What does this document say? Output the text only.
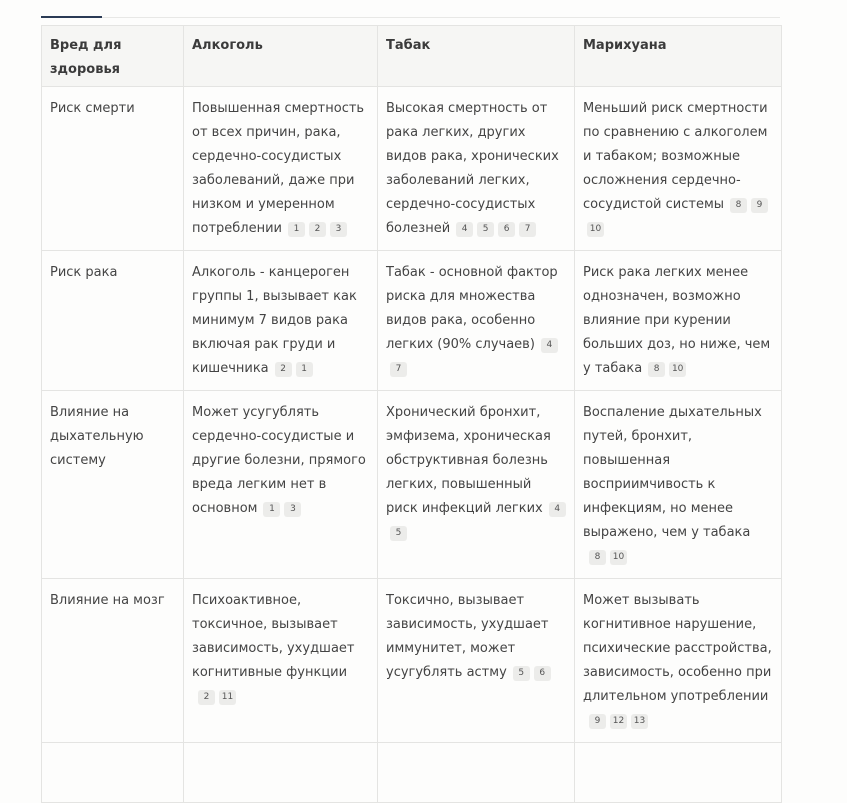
Вред для здоровья	Алкоголь	Табак	Марихуана
Риск смерти	Повышенная смертность от всех причин, рака, сердечно-сосудистых заболеваний, даже при низком и умеренном потреблении 1 2 3	Высокая смертность от рака легких, других видов рака, хронических заболеваний легких, сердечно-сосудистых болезней 4 5 6 7	Меньший риск смертности по сравнению с алкоголем и табаком; возможные осложнения сердечно-сосудистой системы 8 910
Риск рака	Алкоголь - канцероген группы 1, вызывает как минимум 7 видов рака включая рак груди и кишечника 2 1	Табак - основной фактор риска для множества видов рака, особенно легких (90% случаев) 47	Риск рака легких менее однозначен, возможно влияние при курении больших доз, но ниже, чем у табака 8 10
Влияние на дыхательную систему	Может усугублять сердечно-сосудистые и другие болезни, прямого вреда легким нет в основном 1 3	Хронический бронхит, эмфизема, хроническая обструктивная болезнь легких, повышенный риск инфекций легких 45	Воспаление дыхательных путей, бронхит, повышенная восприимчивость к инфекциям, но менее выражено, чем у табака8 10
Влияние на мозг	Психоактивное, токсичное, вызывает зависимость, ухудшает когнитивные функции2 11	Токсично, вызывает зависимость, ухудшает иммунитет, может усугублять астму 5 6	Может вызывать когнитивное нарушение, психические расстройства, зависимость, особенно при длительном употреблении9 12 13
